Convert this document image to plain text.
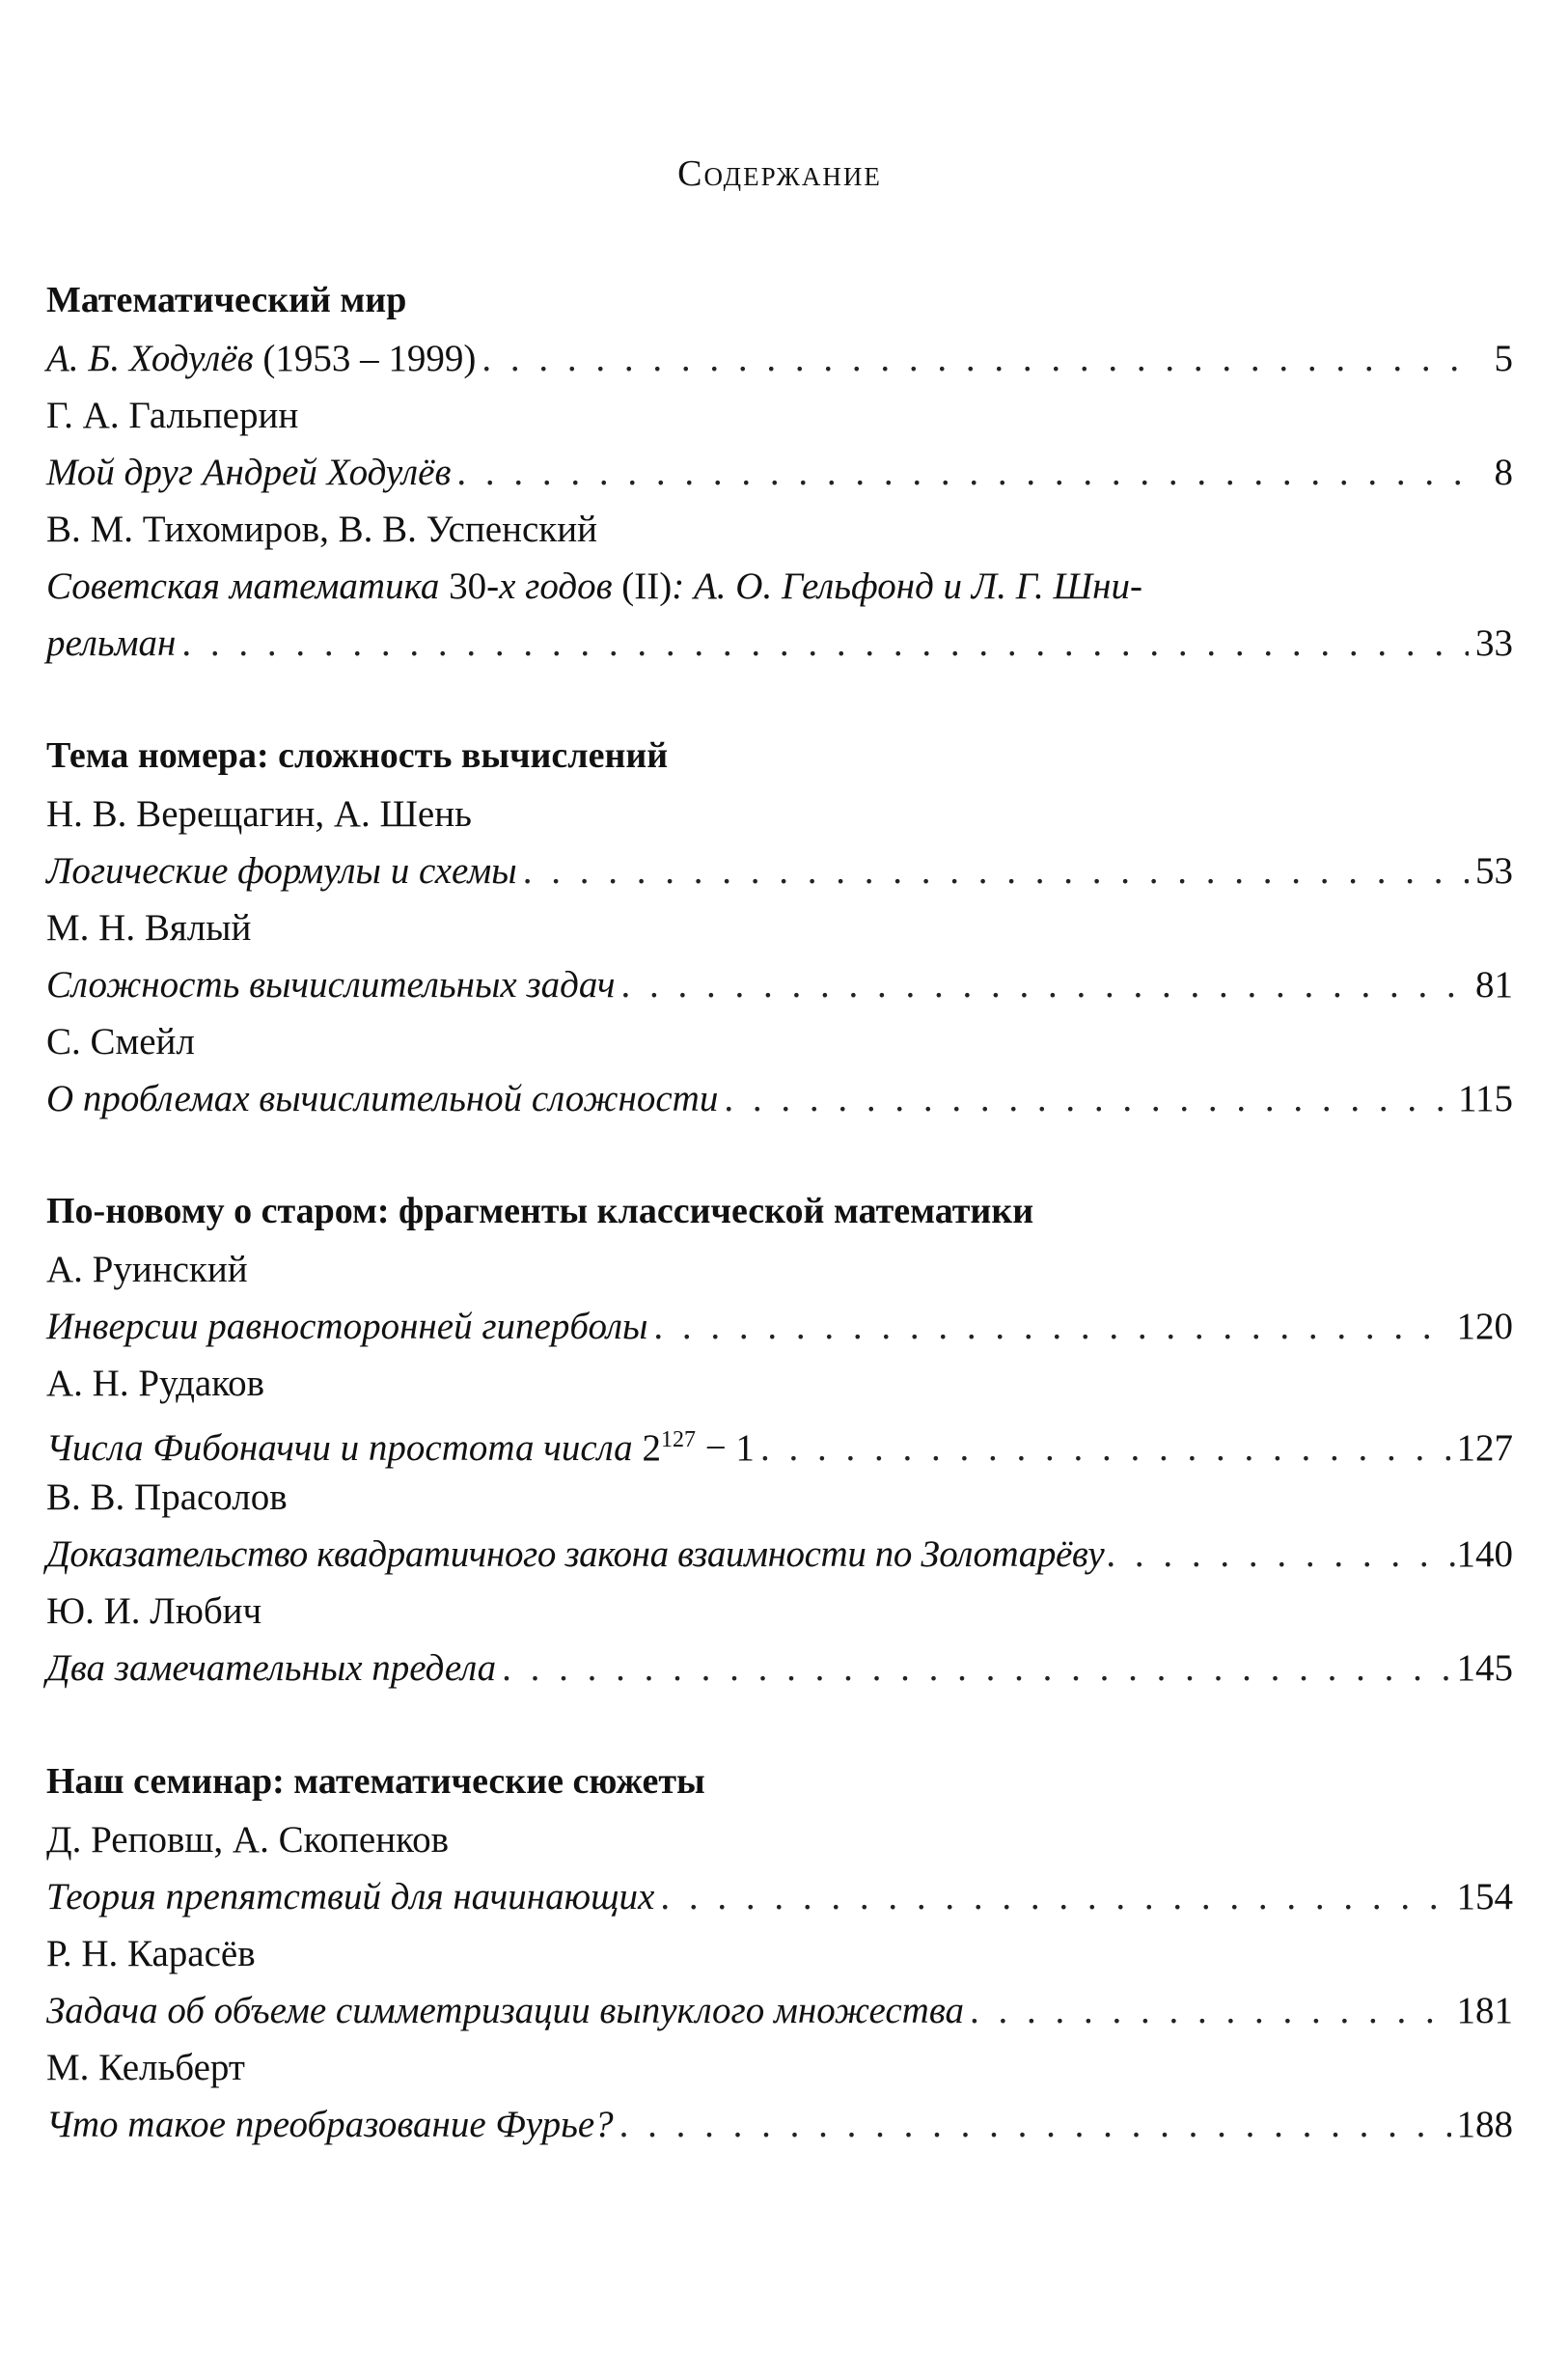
Содержание
Математический мир
А. Б. Ходулёв (1953 – 1999) . . .	5
Г. А. Гальперин
Мой друг Андрей Ходулёв . . .	8
В. М. Тихомиров, В. В. Успенский
Советская математика 30-х годов (II): А. О. Гельфонд и Л. Г. Шни-
рельман . . .	33
Тема номера: сложность вычислений
Н. В. Верещагин, А. Шень
Логические формулы и схемы . . .	53
М. Н. Вялый
Сложность вычислительных задач . . .	81
С. Смейл
О проблемах вычислительной сложности . . .	115
По-новому о старом: фрагменты классической математики
А. Руинский
Инверсии равносторонней гиперболы . . .	120
А. Н. Рудаков
Числа Фибоначчи и простота числа $2^{127} - 1$ . . .	127
В. В. Прасолов
Доказательство квадратичного закона взаимности по Золотарёву . . .	140
Ю. И. Любич
Два замечательных предела . . .	145
Наш семинар: математические сюжеты
Д. Реповш, А. Скопенков
Теория препятствий для начинающих . . .	154
Р. Н. Карасёв
Задача об объеме симметризации выпуклого множества . . .	181
М. Кельберт
Что такое преобразование Фурье? . . .	188
